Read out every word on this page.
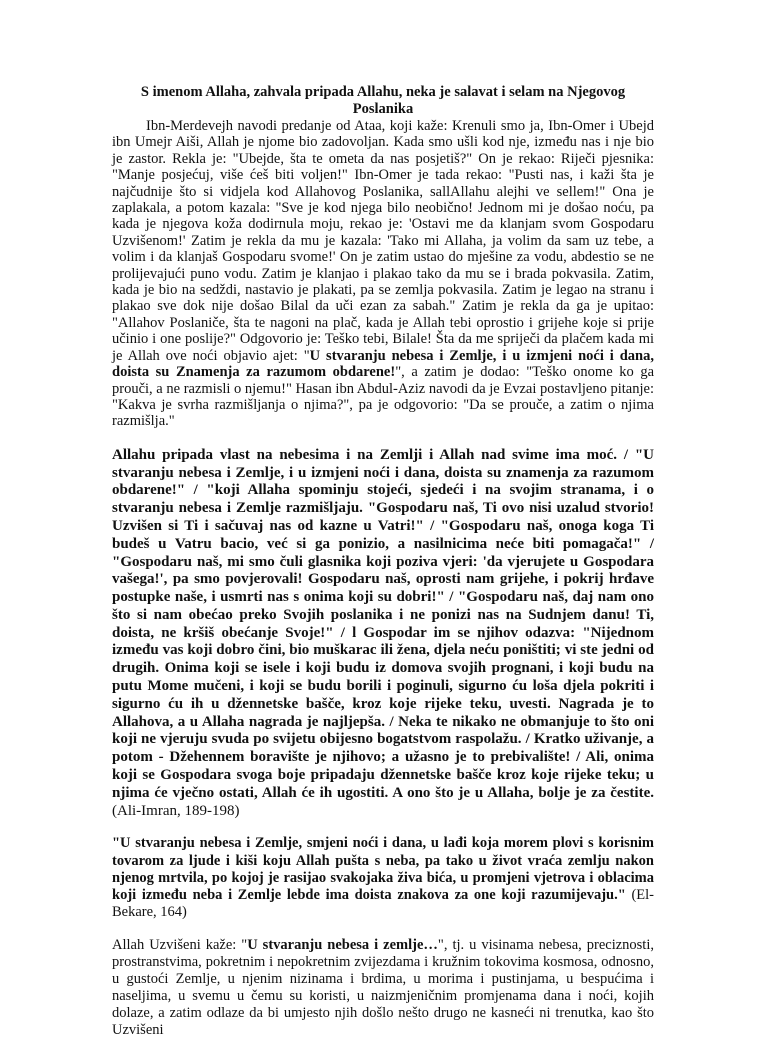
S imenom Allaha, zahvala pripada Allahu, neka je salavat i selam na Njegovog Poslanika

Ibn-Merdevejh navodi predanje od Ataa, koji kaže: Krenuli smo ja, Ibn-Omer i Ubejd ibn Umejr Aiši, Allah je njome bio zadovoljan. Kada smo ušli kod nje, između nas i nje bio je zastor. Rekla je: "Ubejde, šta te ometa da nas posjetiš?" On je rekao: Riječi pjesnika: "Manje posjećuj, više ćeš biti voljen!" Ibn-Omer je tada rekao: "Pusti nas, i kaži šta je najčudnije što si vidjela kod Allahovog Poslanika, sallAllahu alejhi ve sellem!" Ona je zaplakala, a potom kazala: "Sve je kod njega bilo neobično! Jednom mi je došao noću, pa kada je njegova koža dodirnula moju, rekao je: 'Ostavi me da klanjam svom Gospodaru Uzvišenom!' Zatim je rekla da mu je kazala: 'Tako mi Allaha, ja volim da sam uz tebe, a volim i da klanjaš Gospodaru svome!' On je zatim ustao do mješine za vodu, abdestio se ne prolijevajući puno vodu. Zatim je klanjao i plakao tako da mu se i brada pokvasila. Zatim, kada je bio na sedždi, nastavio je plakati, pa se zemlja pokvasila. Zatim je legao na stranu i plakao sve dok nije došao Bilal da uči ezan za sabah." Zatim je rekla da ga je upitao: "Allahov Poslaniče, šta te nagoni na plač, kada je Allah tebi oprostio i grijehe koje si prije učinio i one poslije?" Odgovorio je: Teško tebi, Bilale! Šta da me spriječi da plačem kada mi je Allah ove noći objavio ajet: "U stvaranju nebesa i Zemlje, i u izmjeni noći i dana, doista su Znamenja za razumom obdarene!", a zatim je dodao: "Teško onome ko ga prouči, a ne razmisli o njemu!" Hasan ibn Abdul-Aziz navodi da je Evzai postavljeno pitanje: "Kakva je svrha razmišljanja o njima?", pa je odgovorio: "Da se prouče, a zatim o njima razmišlja."

Allahu pripada vlast na nebesima i na Zemlji i Allah nad svime ima moć. / "U stvaranju nebesa i Zemlje, i u izmjeni noći i dana, doista su znamenja za razumom obdarene!" / "koji Allaha spominju stojeći, sjedeći i na svojim stranama, i o stvaranju nebesa i Zemlje razmišljaju. "Gospodaru naš, Ti ovo nisi uzalud stvorio! Uzvišen si Ti i sačuvaj nas od kazne u Vatri!" / "Gospodaru naš, onoga koga Ti budeš u Vatru bacio, već si ga ponizio, a nasilnicima neće biti pomagača!" / "Gospodaru naš, mi smo čuli glasnika koji poziva vjeri: 'da vjerujete u Gospodara vašega!', pa smo povjerovali! Gospodaru naš, oprosti nam grijehe, i pokrij hrđave postupke naše, i usmrti nas s onima koji su dobri!" / "Gospodaru naš, daj nam ono što si nam obećao preko Svojih poslanika i ne ponizi nas na Sudnjem danu! Ti, doista, ne kršiš obećanje Svoje!" / l Gospodar im se njihov odazva: "Nijednom između vas koji dobro čini, bio muškarac ili žena, djela neću poništiti; vi ste jedni od drugih. Onima koji se isele i koji budu iz domova svojih prognani, i koji budu na putu Mome mučeni, i koji se budu borili i poginuli, sigurno ću loša djela pokriti i sigurno ću ih u džennetske bašče, kroz koje rijeke teku, uvesti. Nagrada je to Allahova, a u Allaha nagrada je najljepša. / Neka te nikako ne obmanjuje to što oni koji ne vjeruju svuda po svijetu obijesno bogatstvom raspolažu. / Kratko uživanje, a potom - Džehennem boravište je njihovo; a užasno je to prebivalište! / Ali, onima koji se Gospodara svoga boje pripadaju džennetske bašče kroz koje rijeke teku; u njima će vječno ostati, Allah će ih ugostiti. A ono što je u Allaha, bolje je za čestite. (Ali-Imran, 189-198)

"U stvaranju nebesa i Zemlje, smjeni noći i dana, u lađi koja morem plovi s korisnim tovarom za ljude i kiši koju Allah pušta s neba, pa tako u život vraća zemlju nakon njenog mrtvila, po kojoj je rasijao svakojaka živa bića, u promjeni vjetrova i oblacima koji između neba i Zemlje lebde ima doista znakova za one koji razumijevaju." (El-Bekare, 164)

Allah Uzvišeni kaže: "U stvaranju nebesa i zemlje…", tj. u visinama nebesa, preciznosti, prostranstvima, pokretnim i nepokretnim zvijezdama i kružnim tokovima kosmosa, odnosno, u gustoći Zemlje, u njenim nizinama i brdima, u morima i pustinjama, u bespućima i naseljima, u svemu u čemu su koristi, u naizmjeničnim promjenama dana i noći, kojih dolaze, a zatim odlaze da bi umjesto njih došlo nešto drugo ne kasneći ni trenutka, kao što Uzvišeni
